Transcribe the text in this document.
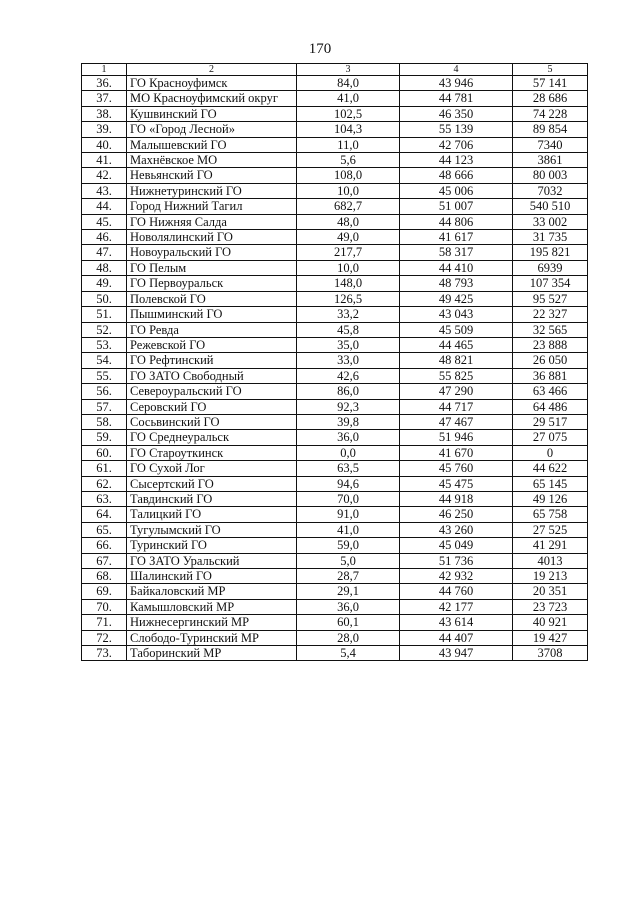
170
1	2	3	4	5
36.	ГО Красноуфимск	84,0	43 946	57 141
37.	МО Красноуфимский округ	41,0	44 781	28 686
38.	Кушвинский ГО	102,5	46 350	74 228
39.	ГО «Город Лесной»	104,3	55 139	89 854
40.	Малышевский ГО	11,0	42 706	7340
41.	Махнёвское МО	5,6	44 123	3861
42.	Невьянский ГО	108,0	48 666	80 003
43.	Нижнетуринский ГО	10,0	45 006	7032
44.	Город Нижний Тагил	682,7	51 007	540 510
45.	ГО Нижняя Салда	48,0	44 806	33 002
46.	Новолялинский ГО	49,0	41 617	31 735
47.	Новоуральский ГО	217,7	58 317	195 821
48.	ГО Пелым	10,0	44 410	6939
49.	ГО Первоуральск	148,0	48 793	107 354
50.	Полевской ГО	126,5	49 425	95 527
51.	Пышминский ГО	33,2	43 043	22 327
52.	ГО Ревда	45,8	45 509	32 565
53.	Режевской ГО	35,0	44 465	23 888
54.	ГО Рефтинский	33,0	48 821	26 050
55.	ГО ЗАТО Свободный	42,6	55 825	36 881
56.	Североуральский ГО	86,0	47 290	63 466
57.	Серовский ГО	92,3	44 717	64 486
58.	Сосьвинский ГО	39,8	47 467	29 517
59.	ГО Среднеуральск	36,0	51 946	27 075
60.	ГО Староуткинск	0,0	41 670	0
61.	ГО Сухой Лог	63,5	45 760	44 622
62.	Сысертский ГО	94,6	45 475	65 145
63.	Тавдинский ГО	70,0	44 918	49 126
64.	Талицкий ГО	91,0	46 250	65 758
65.	Тугулымский ГО	41,0	43 260	27 525
66.	Туринский ГО	59,0	45 049	41 291
67.	ГО ЗАТО Уральский	5,0	51 736	4013
68.	Шалинский ГО	28,7	42 932	19 213
69.	Байкаловский МР	29,1	44 760	20 351
70.	Камышловский МР	36,0	42 177	23 723
71.	Нижнесергинский МР	60,1	43 614	40 921
72.	Слободо-Туринский МР	28,0	44 407	19 427
73.	Таборинский МР	5,4	43 947	3708
